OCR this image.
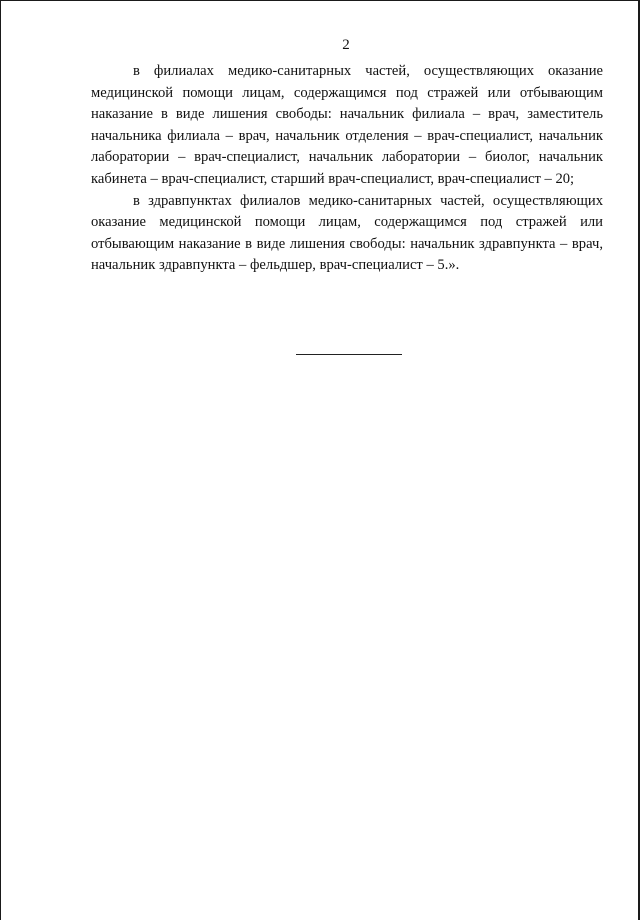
2

в филиалах медико-санитарных частей, осуществляющих оказание медицинской помощи лицам, содержащимся под стражей или отбывающим наказание в виде лишения свободы: начальник филиала – врач, заместитель начальника филиала – врач, начальник отделения – врач-специалист, начальник лаборатории – врач-специалист, начальник лаборатории – биолог, начальник кабинета – врач-специалист, старший врач-специалист, врач-специалист – 20;

в здравпунктах филиалов медико-санитарных частей, осуществляющих оказание медицинской помощи лицам, содержащимся под стражей или отбывающим наказание в виде лишения свободы: начальник здравпункта – врач, начальник здравпункта – фельдшер, врач-специалист – 5.».
